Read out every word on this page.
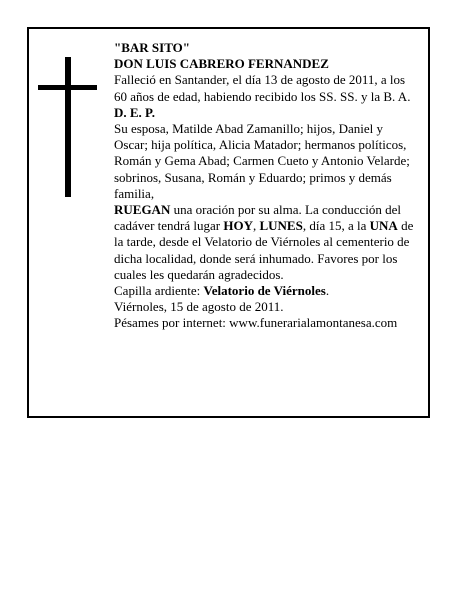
"BAR SITO"

DON LUIS CABRERO FERNANDEZ

Falleció en Santander, el día 13 de agosto de 2011, a los 60 años de edad, habiendo recibido los SS. SS. y la B. A.

D. E. P.

Su esposa, Matilde Abad Zamanillo; hijos, Daniel y Oscar; hija política, Alicia Matador; hermanos políticos, Román y Gema Abad; Carmen Cueto y Antonio Velarde; sobrinos, Susana, Román y Eduardo; primos y demás familia,

RUEGAN una oración por su alma. La conducción del cadáver tendrá lugar HOY, LUNES, día 15, a la UNA de la tarde, desde el Velatorio de Viérnoles al cementerio de dicha localidad, donde será inhumado. Favores por los cuales les quedarán agradecidos.

Capilla ardiente: Velatorio de Viérnoles.

Viérnoles, 15 de agosto de 2011.

Pésames por internet: www.funerarialamontanesa.com
